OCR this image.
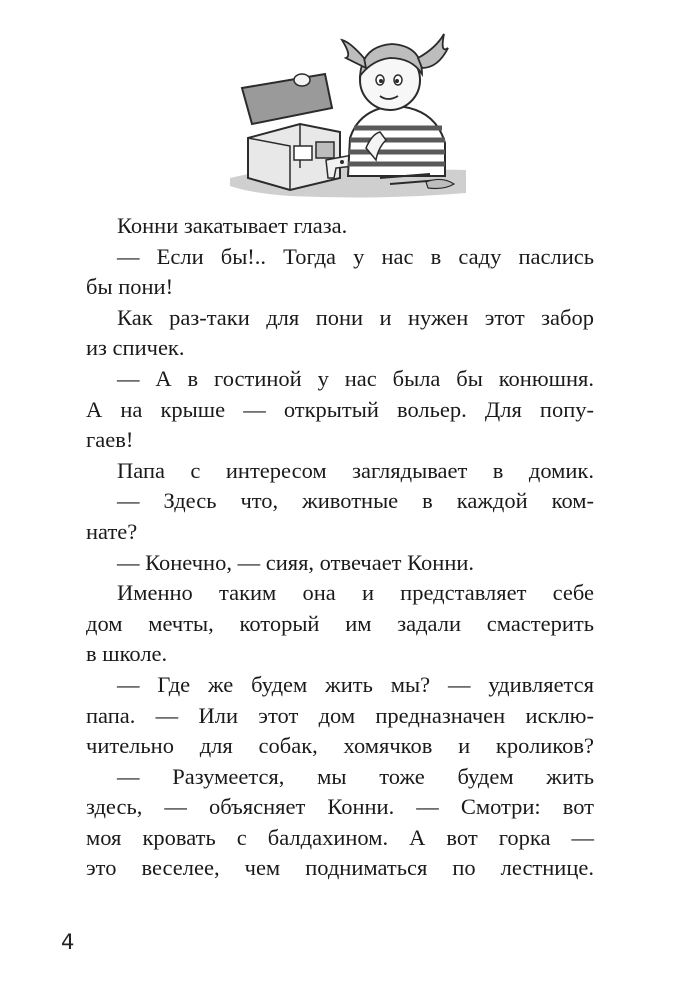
Конни закатывает глаза.
— Если бы!.. Тогда у нас в саду паслись
бы пони!
Как раз-таки для пони и нужен этот забор
из спичек.
— А в гостиной у нас была бы конюшня.
А на крыше — открытый вольер. Для попу-
гаев!
Папа с интересом заглядывает в домик.
— Здесь что, животные в каждой ком-
нате?
— Конечно, — сияя, отвечает Конни.
Именно таким она и представляет себе
дом мечты, который им задали смастерить
в школе.
— Где же будем жить мы? — удивляется
папа. — Или этот дом предназначен исклю-
чительно для собак, хомячков и кроликов?
— Разумеется, мы тоже будем жить
здесь, — объясняет Конни. — Смотри: вот
моя кровать с балдахином. А вот горка —
это веселее, чем подниматься по лестнице.
4
